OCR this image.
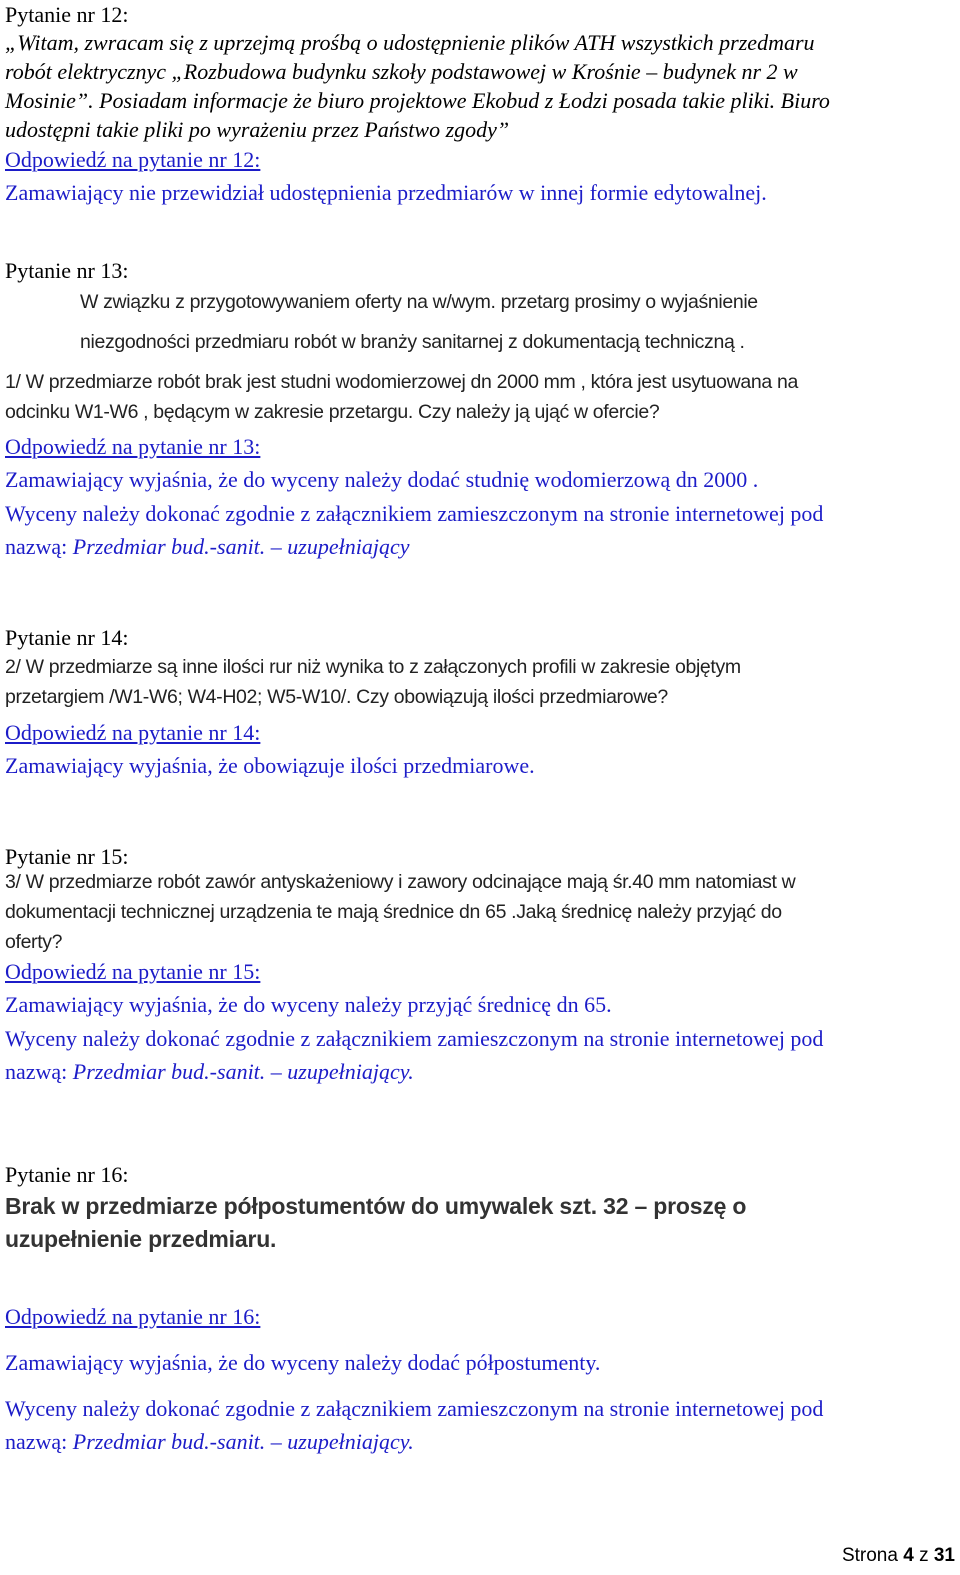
Pytanie nr 12:

„Witam, zwracam się z uprzejmą prośbą o udostępnienie plików ATH wszystkich przedmaru

robót elektrycznyc „Rozbudowa budynku szkoły podstawowej w Krośnie – budynek nr 2 w

Mosinie”. Posiadam informacje że biuro projektowe Ekobud z Łodzi posada takie pliki. Biuro

udostępni takie pliki po wyrażeniu przez Państwo zgody”

Odpowiedź na pytanie nr 12:

Zamawiający nie przewidział udostępnienia przedmiarów w innej formie edytowalnej.

Pytanie nr 13:

W związku z przygotowywaniem oferty na w/wym. przetarg prosimy o wyjaśnienie

niezgodności przedmiaru robót w branży sanitarnej z dokumentacją techniczną .

1/ W przedmiarze robót brak jest studni wodomierzowej dn 2000 mm , która jest usytuowana na

odcinku W1-W6 , będącym w zakresie przetargu. Czy należy ją ująć w ofercie?

Odpowiedź na pytanie nr 13:

Zamawiający wyjaśnia, że do wyceny należy dodać studnię wodomierzową dn 2000 .

Wyceny należy dokonać zgodnie z załącznikiem zamieszczonym na stronie internetowej pod

nazwą: Przedmiar bud.-sanit. – uzupełniający

Pytanie nr 14:

2/ W przedmiarze są inne ilości rur niż wynika to z załączonych profili w zakresie objętym

przetargiem /W1-W6; W4-H02; W5-W10/. Czy obowiązują ilości przedmiarowe?

Odpowiedź na pytanie nr 14:

Zamawiający wyjaśnia, że obowiązuje ilości przedmiarowe.

Pytanie nr 15:

3/ W przedmiarze robót zawór antyskażeniowy i zawory odcinające mają śr.40 mm natomiast w

dokumentacji technicznej urządzenia te mają średnice dn 65 .Jaką średnicę należy przyjąć do

oferty?

Odpowiedź na pytanie nr 15:

Zamawiający wyjaśnia, że do wyceny należy przyjąć średnicę dn 65.

Wyceny należy dokonać zgodnie z załącznikiem zamieszczonym na stronie internetowej pod

nazwą: Przedmiar bud.-sanit. – uzupełniający.

Pytanie nr 16:

Brak w przedmiarze półpostumentów do umywalek szt. 32 – proszę o

uzupełnienie przedmiaru.

Odpowiedź na pytanie nr 16:

Zamawiający wyjaśnia, że do wyceny należy dodać półpostumenty.

Wyceny należy dokonać zgodnie z załącznikiem zamieszczonym na stronie internetowej pod

nazwą: Przedmiar bud.-sanit. – uzupełniający.

Strona 4 z 31
